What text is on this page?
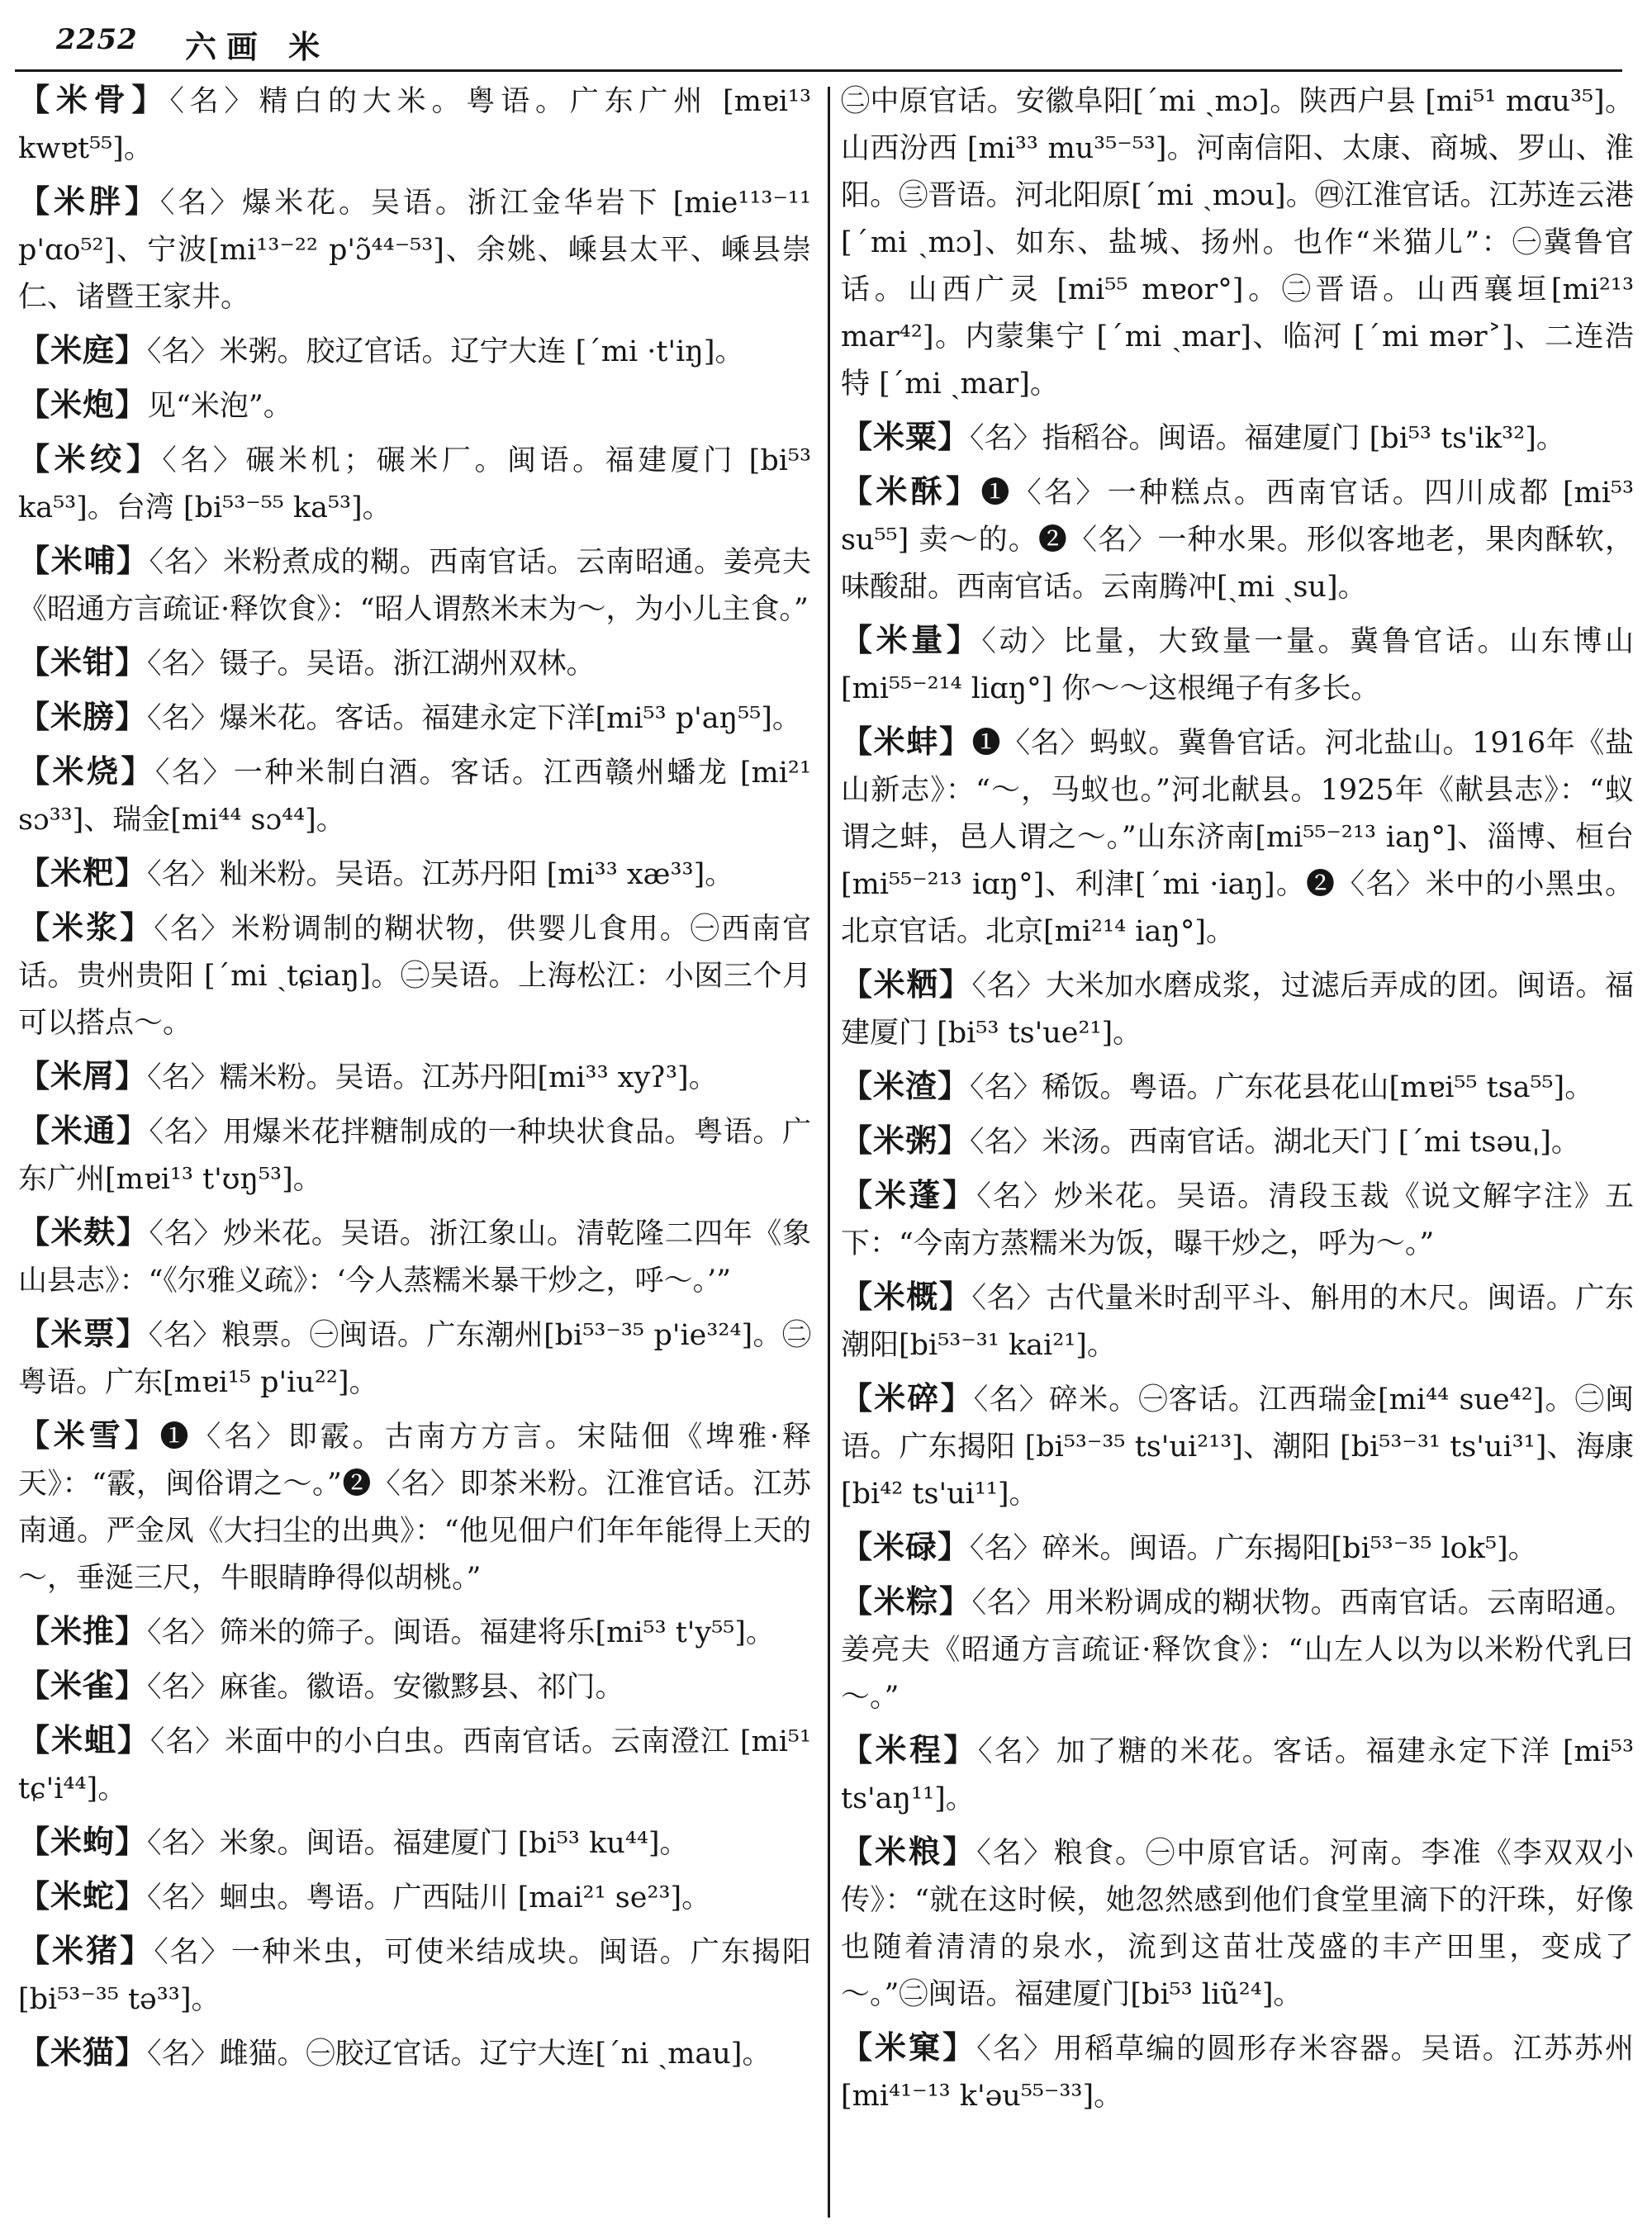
2252 六画 米
【米骨】〈名〉精白的大米。粤语。广东广州 [mɐi¹³ kwɐt⁵⁵]。
【米胖】〈名〉爆米花。吴语。浙江金华岩下 [mie¹¹³⁻¹¹ p'ɑo⁵²]、宁波[mi¹³⁻²² p'ɔ̃⁴⁴⁻⁵³]、余姚、嵊县太平、嵊县崇仁、诸暨王家井。
【米庭】〈名〉米粥。胶辽官话。辽宁大连 [ˊmi ·t'iŋ]。
【米炮】见“米泡”。
【米绞】〈名〉碾米机；碾米厂。闽语。福建厦门 [bi⁵³ ka⁵³]。台湾 [bi⁵³⁻⁵⁵ ka⁵³]。
【米哺】〈名〉米粉煮成的糊。西南官话。云南昭通。姜亮夫《昭通方言疏证·释饮食》：“昭人谓熬米末为～，为小儿主食。”
【米钳】〈名〉镊子。吴语。浙江湖州双林。
【米膀】〈名〉爆米花。客话。福建永定下洋[mi⁵³ p'aŋ⁵⁵]。
【米烧】〈名〉一种米制白酒。客话。江西赣州蟠龙 [mi²¹ sɔ³³]、瑞金[mi⁴⁴ sɔ⁴⁴]。
【米粑】〈名〉籼米粉。吴语。江苏丹阳 [mi³³ xæ³³]。
【米浆】〈名〉米粉调制的糊状物，供婴儿食用。㊀西南官话。贵州贵阳 [ˊmi ˏtɕiaŋ]。㊁吴语。上海松江：小囡三个月可以搭点～。
【米屑】〈名〉糯米粉。吴语。江苏丹阳[mi³³ xyʔ³]。
【米通】〈名〉用爆米花拌糖制成的一种块状食品。粤语。广东广州[mɐi¹³ t'ʊŋ⁵³]。
【米麸】〈名〉炒米花。吴语。浙江象山。清乾隆二四年《象山县志》：“《尔雅义疏》：‘今人蒸糯米暴干炒之，呼～。’”
【米票】〈名〉粮票。㊀闽语。广东潮州[bi⁵³⁻³⁵ p'ie³²⁴]。㊁粤语。广东[mɐi¹⁵ p'iu²²]。
【米雪】❶〈名〉即霰。古南方方言。宋陆佃《埤雅·释天》：“霰，闽俗谓之～。”❷〈名〉即茶米粉。江淮官话。江苏南通。严金凤《大扫尘的出典》：“他见佃户们年年能得上天的～，垂涎三尺，牛眼睛睁得似胡桃。”
【米推】〈名〉筛米的筛子。闽语。福建将乐[mi⁵³ t'y⁵⁵]。
【米雀】〈名〉麻雀。徽语。安徽黟县、祁门。
【米蛆】〈名〉米面中的小白虫。西南官话。云南澄江 [mi⁵¹ tɕ'i⁴⁴]。
【米蚼】〈名〉米象。闽语。福建厦门 [bi⁵³ ku⁴⁴]。
【米蛇】〈名〉蛔虫。粤语。广西陆川 [mai²¹ se²³]。
【米猪】〈名〉一种米虫，可使米结成块。闽语。广东揭阳[bi⁵³⁻³⁵ tə³³]。
【米猫】〈名〉雌猫。㊀胶辽官话。辽宁大连[ˊni ˏmau]。
㊁中原官话。安徽阜阳[ˊmi ˏmɔ]。陕西户县 [mi⁵¹ mɑu³⁵]。山西汾西 [mi³³ mu³⁵⁻⁵³]。河南信阳、太康、商城、罗山、淮阳。㊂晋语。河北阳原[ˊmi ˏmɔu]。㊃江淮官话。江苏连云港[ˊmi ˏmɔ]、如东、盐城、扬州。也作“米猫儿”：㊀冀鲁官话。山西广灵 [mi⁵⁵ mɐor°]。㊁晋语。山西襄垣[mi²¹³ mar⁴²]。内蒙集宁 [ˊmi ˏmar]、临河 [ˊmi mər˃]、二连浩特 [ˊmi ˏmar]。
【米粟】〈名〉指稻谷。闽语。福建厦门 [bi⁵³ ts'ik³²]。
【米酥】❶〈名〉一种糕点。西南官话。四川成都 [mi⁵³ su⁵⁵] 卖～的。❷〈名〉一种水果。形似客地老，果肉酥软，味酸甜。西南官话。云南腾冲[ˏmi ˏsu]。
【米量】〈动〉比量，大致量一量。冀鲁官话。山东博山 [mi⁵⁵⁻²¹⁴ liɑŋ°] 你～～这根绳子有多长。
【米蚌】❶〈名〉蚂蚁。冀鲁官话。河北盐山。1916年《盐山新志》：“～，马蚁也。”河北献县。1925年《献县志》：“蚁谓之蚌，邑人谓之～。”山东济南[mi⁵⁵⁻²¹³ iaŋ°]、淄博、桓台 [mi⁵⁵⁻²¹³ iɑŋ°]、利津[ˊmi ·iaŋ]。❷〈名〉米中的小黑虫。北京官话。北京[mi²¹⁴ iaŋ°]。
【米粞】〈名〉大米加水磨成浆，过滤后弄成的团。闽语。福建厦门 [bi⁵³ ts'ue²¹]。
【米渣】〈名〉稀饭。粤语。广东花县花山[mɐi⁵⁵ tsa⁵⁵]。
【米粥】〈名〉米汤。西南官话。湖北天门 [ˊmi tsəuˌ]。
【米蓬】〈名〉炒米花。吴语。清段玉裁《说文解字注》五下：“今南方蒸糯米为饭，曝干炒之，呼为～。”
【米概】〈名〉古代量米时刮平斗、斛用的木尺。闽语。广东潮阳[bi⁵³⁻³¹ kai²¹]。
【米碎】〈名〉碎米。㊀客话。江西瑞金[mi⁴⁴ sue⁴²]。㊁闽语。广东揭阳 [bi⁵³⁻³⁵ ts'ui²¹³]、潮阳 [bi⁵³⁻³¹ ts'ui³¹]、海康[bi⁴² ts'ui¹¹]。
【米碌】〈名〉碎米。闽语。广东揭阳[bi⁵³⁻³⁵ lok⁵]。
【米粽】〈名〉用米粉调成的糊状物。西南官话。云南昭通。姜亮夫《昭通方言疏证·释饮食》：“山左人以为以米粉代乳曰～。”
【米程】〈名〉加了糖的米花。客话。福建永定下洋 [mi⁵³ ts'aŋ¹¹]。
【米粮】〈名〉粮食。㊀中原官话。河南。李准《李双双小传》：“就在这时候，她忽然感到他们食堂里滴下的汗珠，好像也随着清清的泉水，流到这苗壮茂盛的丰产田里，变成了～。”㊁闽语。福建厦门[bi⁵³ liũ²⁴]。
【米窠】〈名〉用稻草编的圆形存米容器。吴语。江苏苏州[mi⁴¹⁻¹³ k'əu⁵⁵⁻³³]。
